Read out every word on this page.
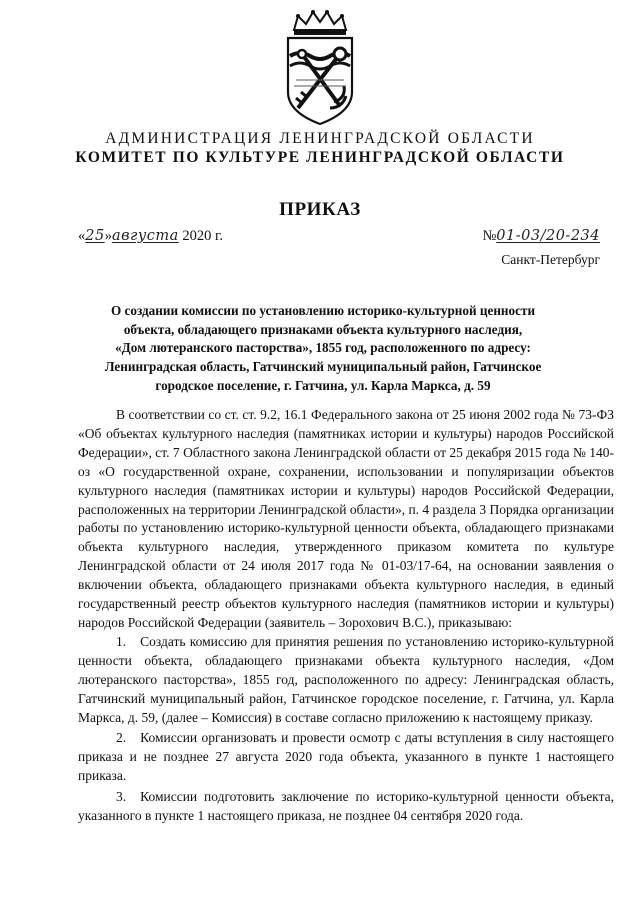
АДМИНИСТРАЦИЯ ЛЕНИНГРАДСКОЙ ОБЛАСТИ
КОМИТЕТ ПО КУЛЬТУРЕ ЛЕНИНГРАДСКОЙ ОБЛАСТИ
ПРИКАЗ
«25»августа 2020 г.	№01-03/20-234
Санкт-Петербург
О создании комиссии по установлению историко-культурной ценности
объекта, обладающего признаками объекта культурного наследия,
«Дом лютеранского пасторства», 1855 год, расположенного по адресу:
Ленинградская область, Гатчинский муниципальный район, Гатчинское
городское поселение, г. Гатчина, ул. Карла Маркса, д. 59

В соответствии со ст. ст. 9.2, 16.1 Федерального закона от 25 июня 2002 года № 73-ФЗ «Об объектах культурного наследия (памятниках истории и культуры) народов Российской Федерации», ст. 7 Областного закона Ленинградской области от 25 декабря 2015 года № 140-оз «О государственной охране, сохранении, использовании и популяризации объектов культурного наследия (памятниках истории и культуры) народов Российской Федерации, расположенных на территории Ленинградской области», п. 4 раздела 3 Порядка организации работы по установлению историко-культурной ценности объекта, обладающего признаками объекта культурного наследия, утвержденного приказом комитета по культуре Ленинградской области от 24 июля 2017 года № 01-03/17-64, на основании заявления о включении объекта, обладающего признаками объекта культурного наследия, в единый государственный реестр объектов культурного наследия (памятников истории и культуры) народов Российской Федерации (заявитель – Зорохович В.С.), приказываю:

1. Создать комиссию для принятия решения по установлению историко-культурной ценности объекта, обладающего признаками объекта культурного наследия, «Дом лютеранского пасторства», 1855 год, расположенного по адресу: Ленинградская область, Гатчинский муниципальный район, Гатчинское городское поселение, г. Гатчина, ул. Карла Маркса, д. 59, (далее – Комиссия) в составе согласно приложению к настоящему приказу.

2. Комиссии организовать и провести осмотр с даты вступления в силу настоящего приказа и не позднее 27 августа 2020 года объекта, указанного в пункте 1 настоящего приказа.

3. Комиссии подготовить заключение по историко-культурной ценности объекта, указанного в пункте 1 настоящего приказа, не позднее 04 сентября 2020 года.
